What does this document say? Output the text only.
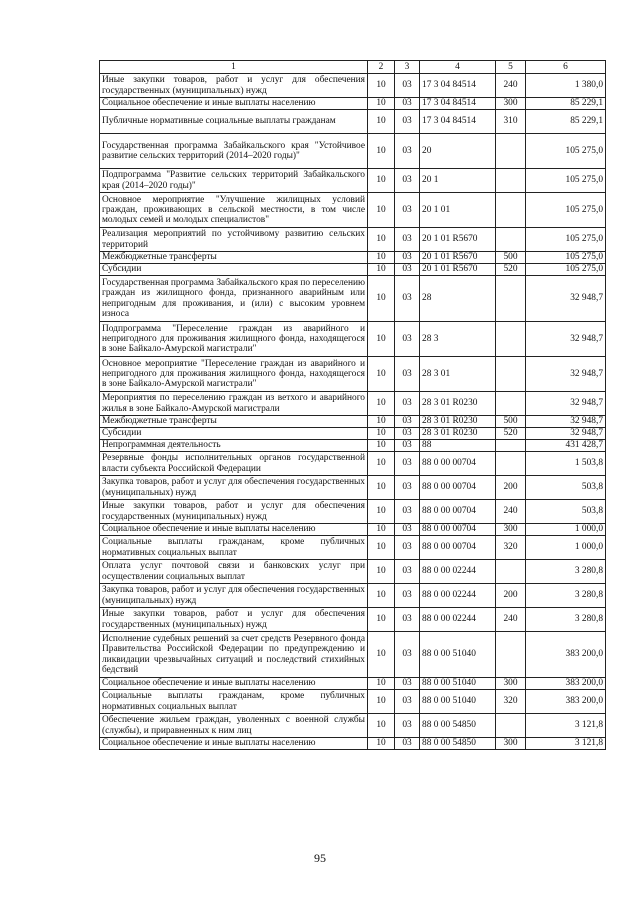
1	2	3	4	5	6
Иные закупки товаров, работ и услуг для обеспечения государственных (муниципальных) нужд	10	03	17 3 04 84514	240	1 380,0
Социальное обеспечение и иные выплаты населению	10	03	17 3 04 84514	300	85 229,1
Публичные нормативные социальные выплаты гражданам	10	03	17 3 04 84514	310	85 229,1
Государственная программа Забайкальского края "Устойчивое развитие сельских территорий (2014–2020 годы)"	10	03	20		105 275,0
Подпрограмма "Развитие сельских территорий Забайкальского края (2014–2020 годы)"	10	03	20 1		105 275,0
Основное мероприятие "Улучшение жилищных условий граждан, проживающих в сельской местности, в том числе молодых семей и молодых специалистов"	10	03	20 1 01		105 275,0
Реализация мероприятий по устойчивому развитию сельских территорий	10	03	20 1 01 R5670		105 275,0
Межбюджетные трансферты	10	03	20 1 01 R5670	500	105 275,0
Субсидии	10	03	20 1 01 R5670	520	105 275,0
Государственная программа Забайкальского края по переселению граждан из жилищного фонда, признанного аварийным или непригодным для проживания, и (или) с высоким уровнем износа	10	03	28		32 948,7
Подпрограмма "Переселение граждан из аварийного и непригодного для проживания жилищного фонда, находящегося в зоне Байкало-Амурской магистрали"	10	03	28 3		32 948,7
Основное мероприятие "Переселение граждан из аварийного и непригодного для проживания жилищного фонда, находящегося в зоне Байкало-Амурской магистрали"	10	03	28 3 01		32 948,7
Мероприятия по переселению граждан из ветхого и аварийного жилья в зоне Байкало-Амурской магистрали	10	03	28 3 01 R0230		32 948,7
Межбюджетные трансферты	10	03	28 3 01 R0230	500	32 948,7
Субсидии	10	03	28 3 01 R0230	520	32 948,7
Непрограммная деятельность	10	03	88		431 428,7
Резервные фонды исполнительных органов государственной власти субъекта Российской Федерации	10	03	88 0 00 00704		1 503,8
Закупка товаров, работ и услуг для обеспечения государственных (муниципальных) нужд	10	03	88 0 00 00704	200	503,8
Иные закупки товаров, работ и услуг для обеспечения государственных (муниципальных) нужд	10	03	88 0 00 00704	240	503,8
Социальное обеспечение и иные выплаты населению	10	03	88 0 00 00704	300	1 000,0
Социальные выплаты гражданам, кроме публичных нормативных социальных выплат	10	03	88 0 00 00704	320	1 000,0
Оплата услуг почтовой связи и банковских услуг при осуществлении социальных выплат	10	03	88 0 00 02244		3 280,8
Закупка товаров, работ и услуг для обеспечения государственных (муниципальных) нужд	10	03	88 0 00 02244	200	3 280,8
Иные закупки товаров, работ и услуг для обеспечения государственных (муниципальных) нужд	10	03	88 0 00 02244	240	3 280,8
Исполнение судебных решений за счет средств Резервного фонда Правительства Российской Федерации по предупреждению и ликвидации чрезвычайных ситуаций и последствий стихийных бедствий	10	03	88 0 00 51040		383 200,0
Социальное обеспечение и иные выплаты населению	10	03	88 0 00 51040	300	383 200,0
Социальные выплаты гражданам, кроме публичных нормативных социальных выплат	10	03	88 0 00 51040	320	383 200,0
Обеспечение жильем граждан, уволенных с военной службы (службы), и приравненных к ним лиц	10	03	88 0 00 54850		3 121,8
Социальное обеспечение и иные выплаты населению	10	03	88 0 00 54850	300	3 121,8
95
